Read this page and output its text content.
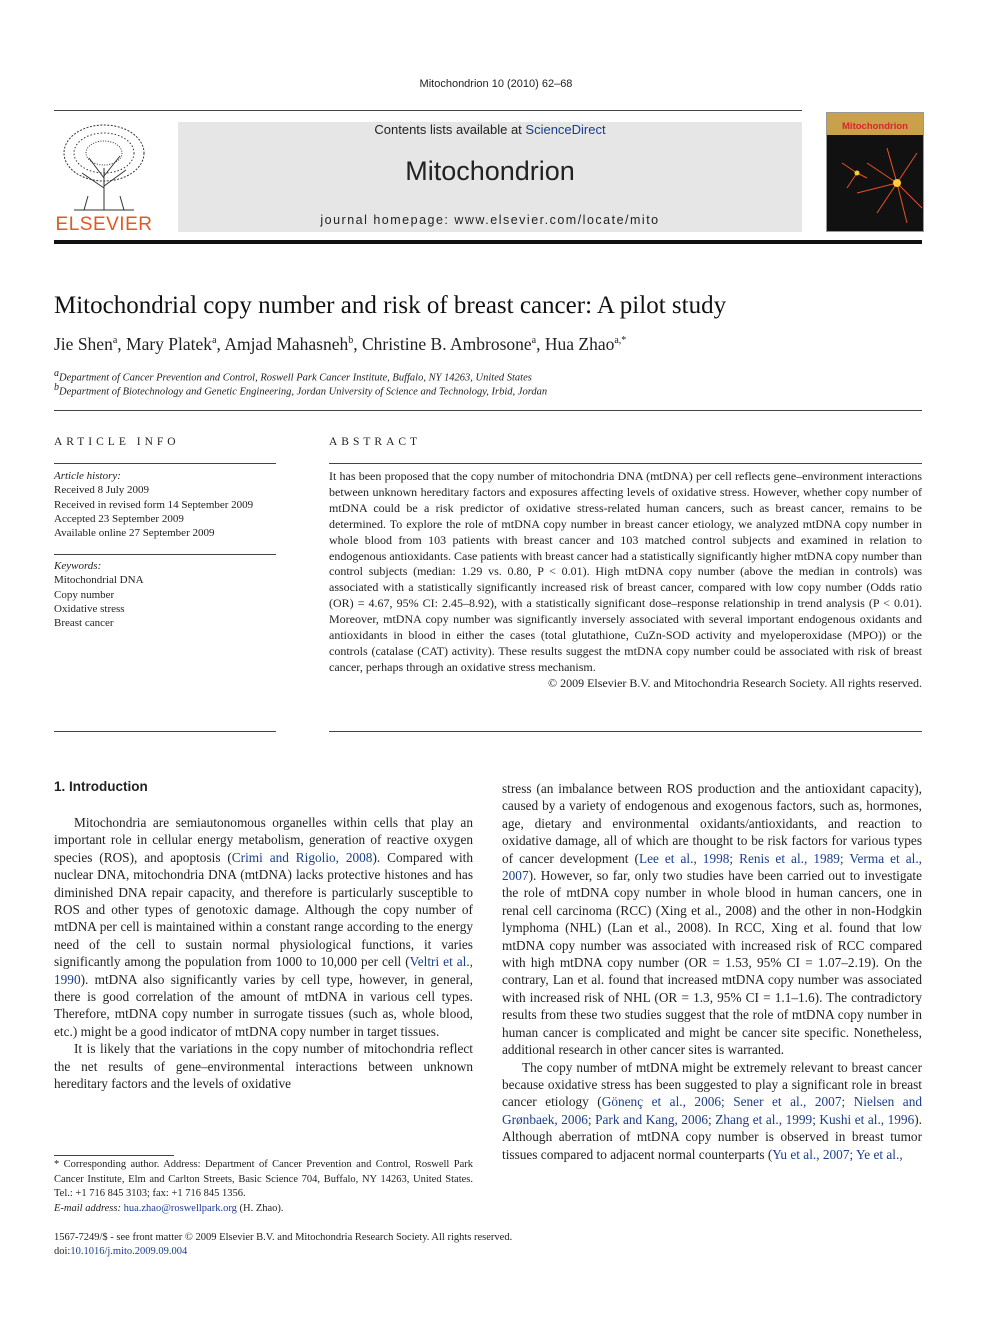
Mitochondrion 10 (2010) 62–68
ELSEVIER
Contents lists available at ScienceDirect
Mitochondrion
journal homepage: www.elsevier.com/locate/mito
Mitochondrion
Mitochondrial copy number and risk of breast cancer: A pilot study
Jie Shen$^a$, Mary Platek$^a$, Amjad Mahasneh$^b$, Christine B. Ambrosone$^a$, Hua Zhao$^{a,*}$
$^a$Department of Cancer Prevention and Control, Roswell Park Cancer Institute, Buffalo, NY 14263, United States
$^b$Department of Biotechnology and Genetic Engineering, Jordan University of Science and Technology, Irbid, Jordan
ARTICLE INFO	ABSTRACT
Article history:
Received 8 July 2009
Received in revised form 14 September 2009
Accepted 23 September 2009
Available online 27 September 2009
Keywords:
Mitochondrial DNA
Copy number
Oxidative stress
Breast cancer
It has been proposed that the copy number of mitochondria DNA (mtDNA) per cell reflects gene–environment interactions between unknown hereditary factors and exposures affecting levels of oxidative stress. However, whether copy number of mtDNA could be a risk predictor of oxidative stress-related human cancers, such as breast cancer, remains to be determined. To explore the role of mtDNA copy number in breast cancer etiology, we analyzed mtDNA copy number in whole blood from 103 patients with breast cancer and 103 matched control subjects and examined in relation to endogenous antioxidants. Case patients with breast cancer had a statistically significantly higher mtDNA copy number than control subjects (median: 1.29 vs. 0.80, P < 0.01). High mtDNA copy number (above the median in controls) was associated with a statistically significantly increased risk of breast cancer, compared with low copy number (Odds ratio (OR) = 4.67, 95% CI: 2.45–8.92), with a statistically significant dose–response relationship in trend analysis (P < 0.01). Moreover, mtDNA copy number was significantly inversely associated with several important endogenous oxidants and antioxidants in blood in either the cases (total glutathione, CuZn-SOD activity and myeloperoxidase (MPO)) or the controls (catalase (CAT) activity). These results suggest the mtDNA copy number could be associated with risk of breast cancer, perhaps through an oxidative stress mechanism.
© 2009 Elsevier B.V. and Mitochondria Research Society. All rights reserved.
1. Introduction

Mitochondria are semiautonomous organelles within cells that play an important role in cellular energy metabolism, generation of reactive oxygen species (ROS), and apoptosis (Crimi and Rigolio, 2008). Compared with nuclear DNA, mitochondria DNA (mtDNA) lacks protective histones and has diminished DNA repair capacity, and therefore is particularly susceptible to ROS and other types of genotoxic damage. Although the copy number of mtDNA per cell is maintained within a constant range according to the energy need of the cell to sustain normal physiological functions, it varies significantly among the population from 1000 to 10,000 per cell (Veltri et al., 1990). mtDNA also significantly varies by cell type, however, in general, there is good correlation of the amount of mtDNA in various cell types. Therefore, mtDNA copy number in surrogate tissues (such as, whole blood, etc.) might be a good indicator of mtDNA copy number in target tissues.

It is likely that the variations in the copy number of mitochondria reflect the net results of gene–environmental interactions between unknown hereditary factors and the levels of oxidative

stress (an imbalance between ROS production and the antioxidant capacity), caused by a variety of endogenous and exogenous factors, such as, hormones, age, dietary and environmental oxidants/antioxidants, and reaction to oxidative damage, all of which are thought to be risk factors for various types of cancer development (Lee et al., 1998; Renis et al., 1989; Verma et al., 2007). However, so far, only two studies have been carried out to investigate the role of mtDNA copy number in whole blood in human cancers, one in renal cell carcinoma (RCC) (Xing et al., 2008) and the other in non-Hodgkin lymphoma (NHL) (Lan et al., 2008). In RCC, Xing et al. found that low mtDNA copy number was associated with increased risk of RCC compared with high mtDNA copy number (OR = 1.53, 95% CI = 1.07–2.19). On the contrary, Lan et al. found that increased mtDNA copy number was associated with increased risk of NHL (OR = 1.3, 95% CI = 1.1–1.6). The contradictory results from these two studies suggest that the role of mtDNA copy number in human cancer is complicated and might be cancer site specific. Nonetheless, additional research in other cancer sites is warranted.

The copy number of mtDNA might be extremely relevant to breast cancer because oxidative stress has been suggested to play a significant role in breast cancer etiology (Gönenç et al., 2006; Sener et al., 2007; Nielsen and Grønbaek, 2006; Park and Kang, 2006; Zhang et al., 1999; Kushi et al., 1996). Although aberration of mtDNA copy number is observed in breast tumor tissues compared to adjacent normal counterparts (Yu et al., 2007; Ye et al.,

* Corresponding author. Address: Department of Cancer Prevention and Control, Roswell Park Cancer Institute, Elm and Carlton Streets, Basic Science 704, Buffalo, NY 14263, United States. Tel.: +1 716 845 3103; fax: +1 716 845 1356.
E-mail address: hua.zhao@roswellpark.org (H. Zhao).
1567-7249/$ - see front matter © 2009 Elsevier B.V. and Mitochondria Research Society. All rights reserved.
doi:10.1016/j.mito.2009.09.004
